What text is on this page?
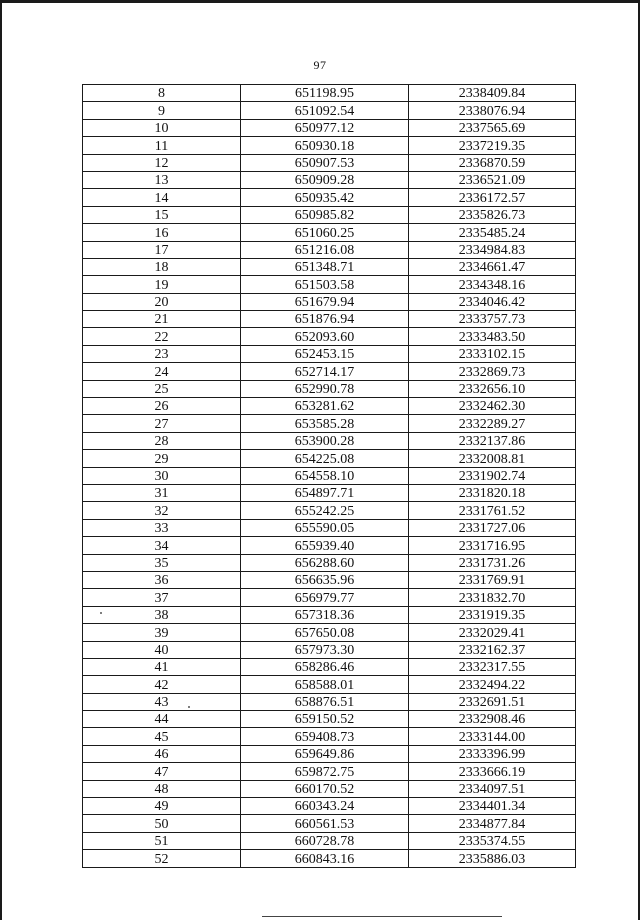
97
8	651198.95	2338409.84
9	651092.54	2338076.94
10	650977.12	2337565.69
11	650930.18	2337219.35
12	650907.53	2336870.59
13	650909.28	2336521.09
14	650935.42	2336172.57
15	650985.82	2335826.73
16	651060.25	2335485.24
17	651216.08	2334984.83
18	651348.71	2334661.47
19	651503.58	2334348.16
20	651679.94	2334046.42
21	651876.94	2333757.73
22	652093.60	2333483.50
23	652453.15	2333102.15
24	652714.17	2332869.73
25	652990.78	2332656.10
26	653281.62	2332462.30
27	653585.28	2332289.27
28	653900.28	2332137.86
29	654225.08	2332008.81
30	654558.10	2331902.74
31	654897.71	2331820.18
32	655242.25	2331761.52
33	655590.05	2331727.06
34	655939.40	2331716.95
35	656288.60	2331731.26
36	656635.96	2331769.91
37	656979.77	2331832.70
38	657318.36	2331919.35
39	657650.08	2332029.41
40	657973.30	2332162.37
41	658286.46	2332317.55
42	658588.01	2332494.22
43	658876.51	2332691.51
44	659150.52	2332908.46
45	659408.73	2333144.00
46	659649.86	2333396.99
47	659872.75	2333666.19
48	660170.52	2334097.51
49	660343.24	2334401.34
50	660561.53	2334877.84
51	660728.78	2335374.55
52	660843.16	2335886.03
